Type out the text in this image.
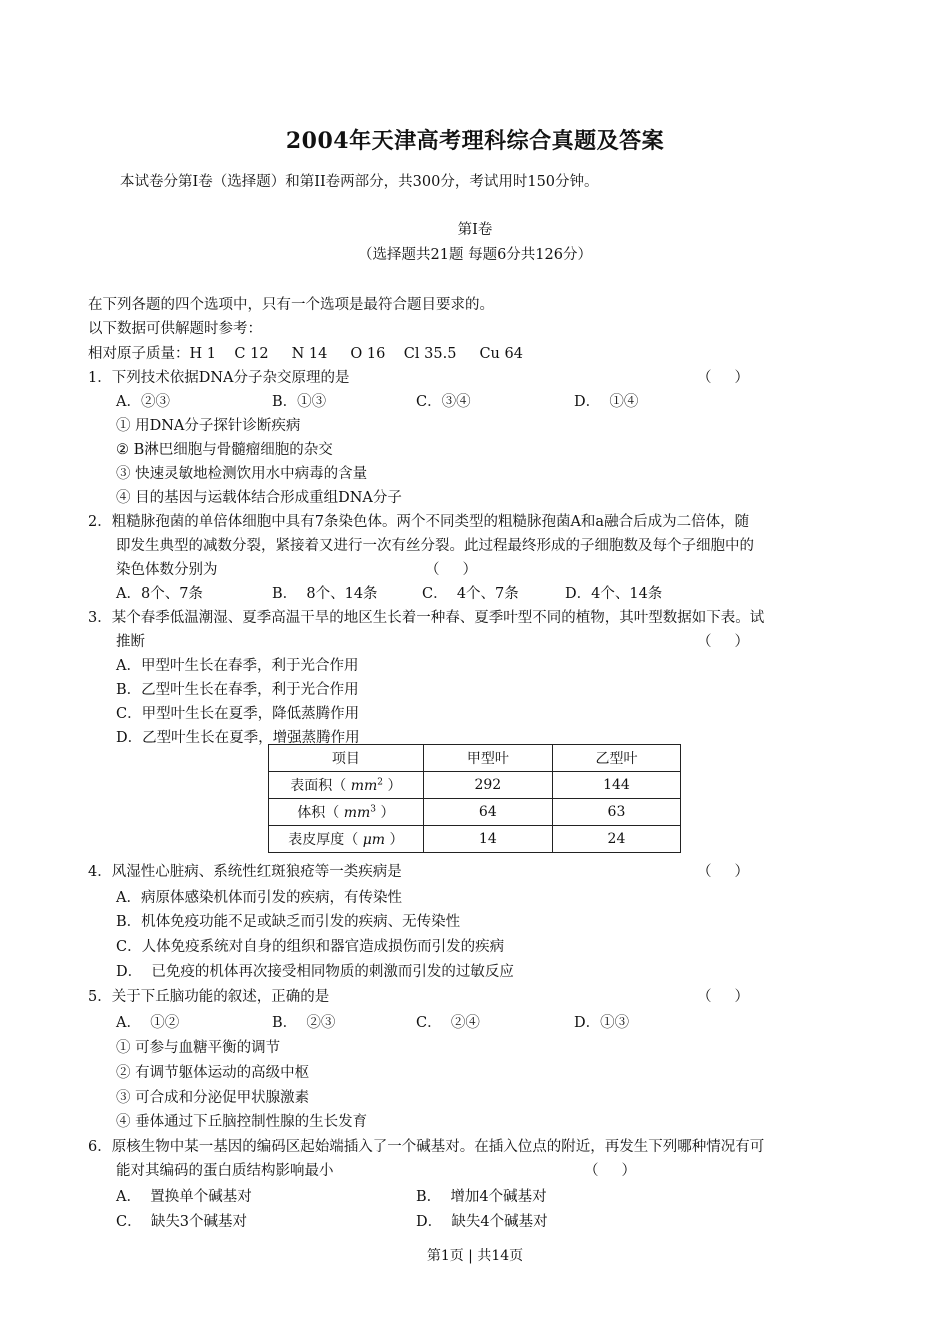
2004年天津高考理科综合真题及答案
本试卷分第Ⅰ卷（选择题）和第II卷两部分，共300分，考试用时150分钟。
第Ⅰ卷
（选择题共21题 每题6分共126分）
在下列各题的四个选项中，只有一个选项是最符合题目要求的。
以下数据可供解题时参考：
相对原子质量：H 1    C 12     N 14     O 16    Cl 35.5     Cu 64
1．下列技术依据DNA分子杂交原理的是	（     ）
A．②③	B．①③	C．③④	D．  ①④
① 用DNA分子探针诊断疾病
② B淋巴细胞与骨髓瘤细胞的杂交
③ 快速灵敏地检测饮用水中病毒的含量
④ 目的基因与运载体结合形成重组DNA分子
2．粗糙脉孢菌的单倍体细胞中具有7条染色体。两个不同类型的粗糙脉孢菌A和a融合后成为二倍体，随
即发生典型的减数分裂，紧接着又进行一次有丝分裂。此过程最终形成的子细胞数及每个子细胞中的
染色体数分别为	（     ）
A．8个、7条	B．  8个、14条	C．  4个、7条	D．4个、14条
3．某个春季低温潮湿、夏季高温干旱的地区生长着一种春、夏季叶型不同的植物，其叶型数据如下表。试
推断	（     ）
A．甲型叶生长在春季，利于光合作用
B．乙型叶生长在春季，利于光合作用
C．甲型叶生长在夏季，降低蒸腾作用
D．乙型叶生长在夏季，增强蒸腾作用
项目	甲型叶	乙型叶
表面积（ $mm^2$ ）	292	144
体积（ $mm^3$ ）	64	63
表皮厚度（ μm ）	14	24
4．风湿性心脏病、系统性红斑狼疮等一类疾病是	（     ）
A．病原体感染机体而引发的疾病，有传染性
B．机体免疫功能不足或缺乏而引发的疾病、无传染性
C．人体免疫系统对自身的组织和器官造成损伤而引发的疾病
D．  已免疫的机体再次接受相同物质的刺激而引发的过敏反应
5．关于下丘脑功能的叙述，正确的是	（     ）
A．  ①②	B．  ②③	C．  ②④	D．①③
① 可参与血糖平衡的调节
② 有调节躯体运动的高级中枢
③ 可合成和分泌促甲状腺激素
④ 垂体通过下丘脑控制性腺的生长发育
6．原核生物中某一基因的编码区起始端插入了一个碱基对。在插入位点的附近，再发生下列哪种情况有可
能对其编码的蛋白质结构影响最小	（     ）
A．  置换单个碱基对	B．  增加4个碱基对
C．  缺失3个碱基对	D．  缺失4个碱基对
第1页 | 共14页
